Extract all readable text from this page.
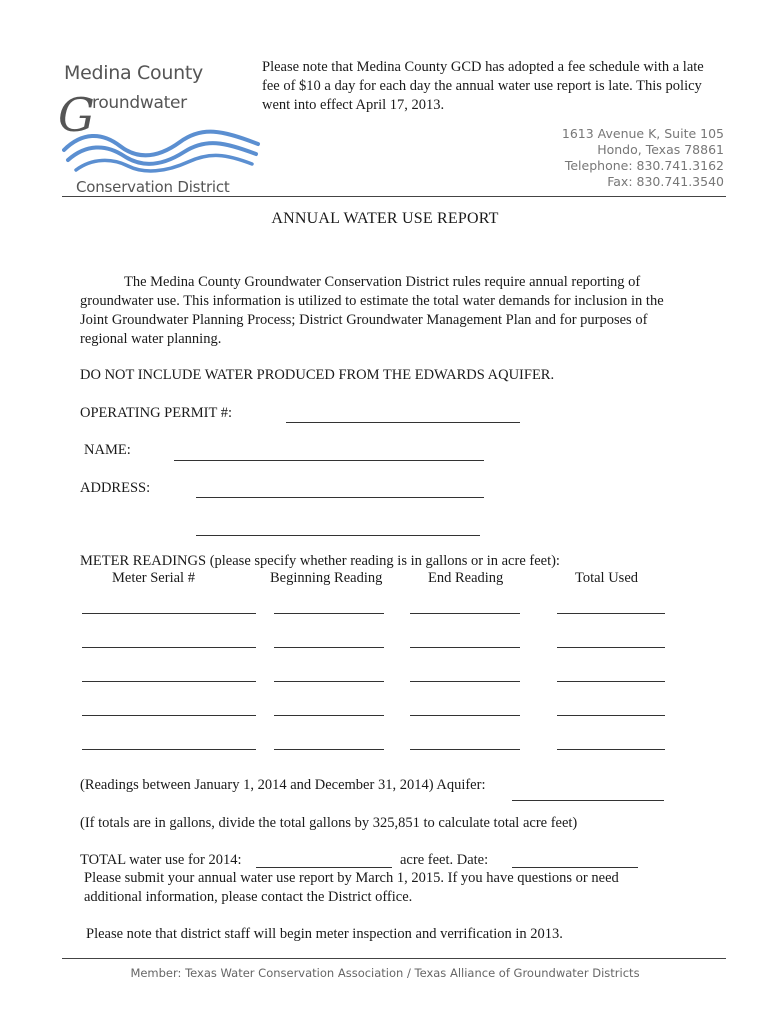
Medina County
G
roundwater
Conservation District
Please note that Medina County GCD has adopted a fee schedule with a late fee of $10 a day for each day the annual water use report is late. This policy went into effect April 17, 2013.
1613 Avenue K, Suite 105
Hondo, Texas 78861
Telephone: 830.741.3162
Fax: 830.741.3540
ANNUAL WATER USE REPORT
The Medina County Groundwater Conservation District rules require annual reporting of groundwater use. This information is utilized to estimate the total water demands for inclusion in the Joint Groundwater Planning Process; District Groundwater Management Plan and for purposes of regional water planning.
DO NOT INCLUDE WATER PRODUCED FROM THE EDWARDS AQUIFER.
OPERATING PERMIT #:
NAME:
ADDRESS:
METER READINGS (please specify whether reading is in gallons or in acre feet):
Meter Serial #	Beginning Reading	End Reading	Total Used
(Readings between January 1, 2014 and December 31, 2014) Aquifer:
(If totals are in gallons, divide the total gallons by 325,851 to calculate total acre feet)
TOTAL water use for 2014:	acre feet. Date:
Please submit your annual water use report by March 1, 2015. If you have questions or need additional information, please contact the District office.
Please note that district staff will begin meter inspection and verrification in 2013.
Member: Texas Water Conservation Association / Texas Alliance of Groundwater Districts
